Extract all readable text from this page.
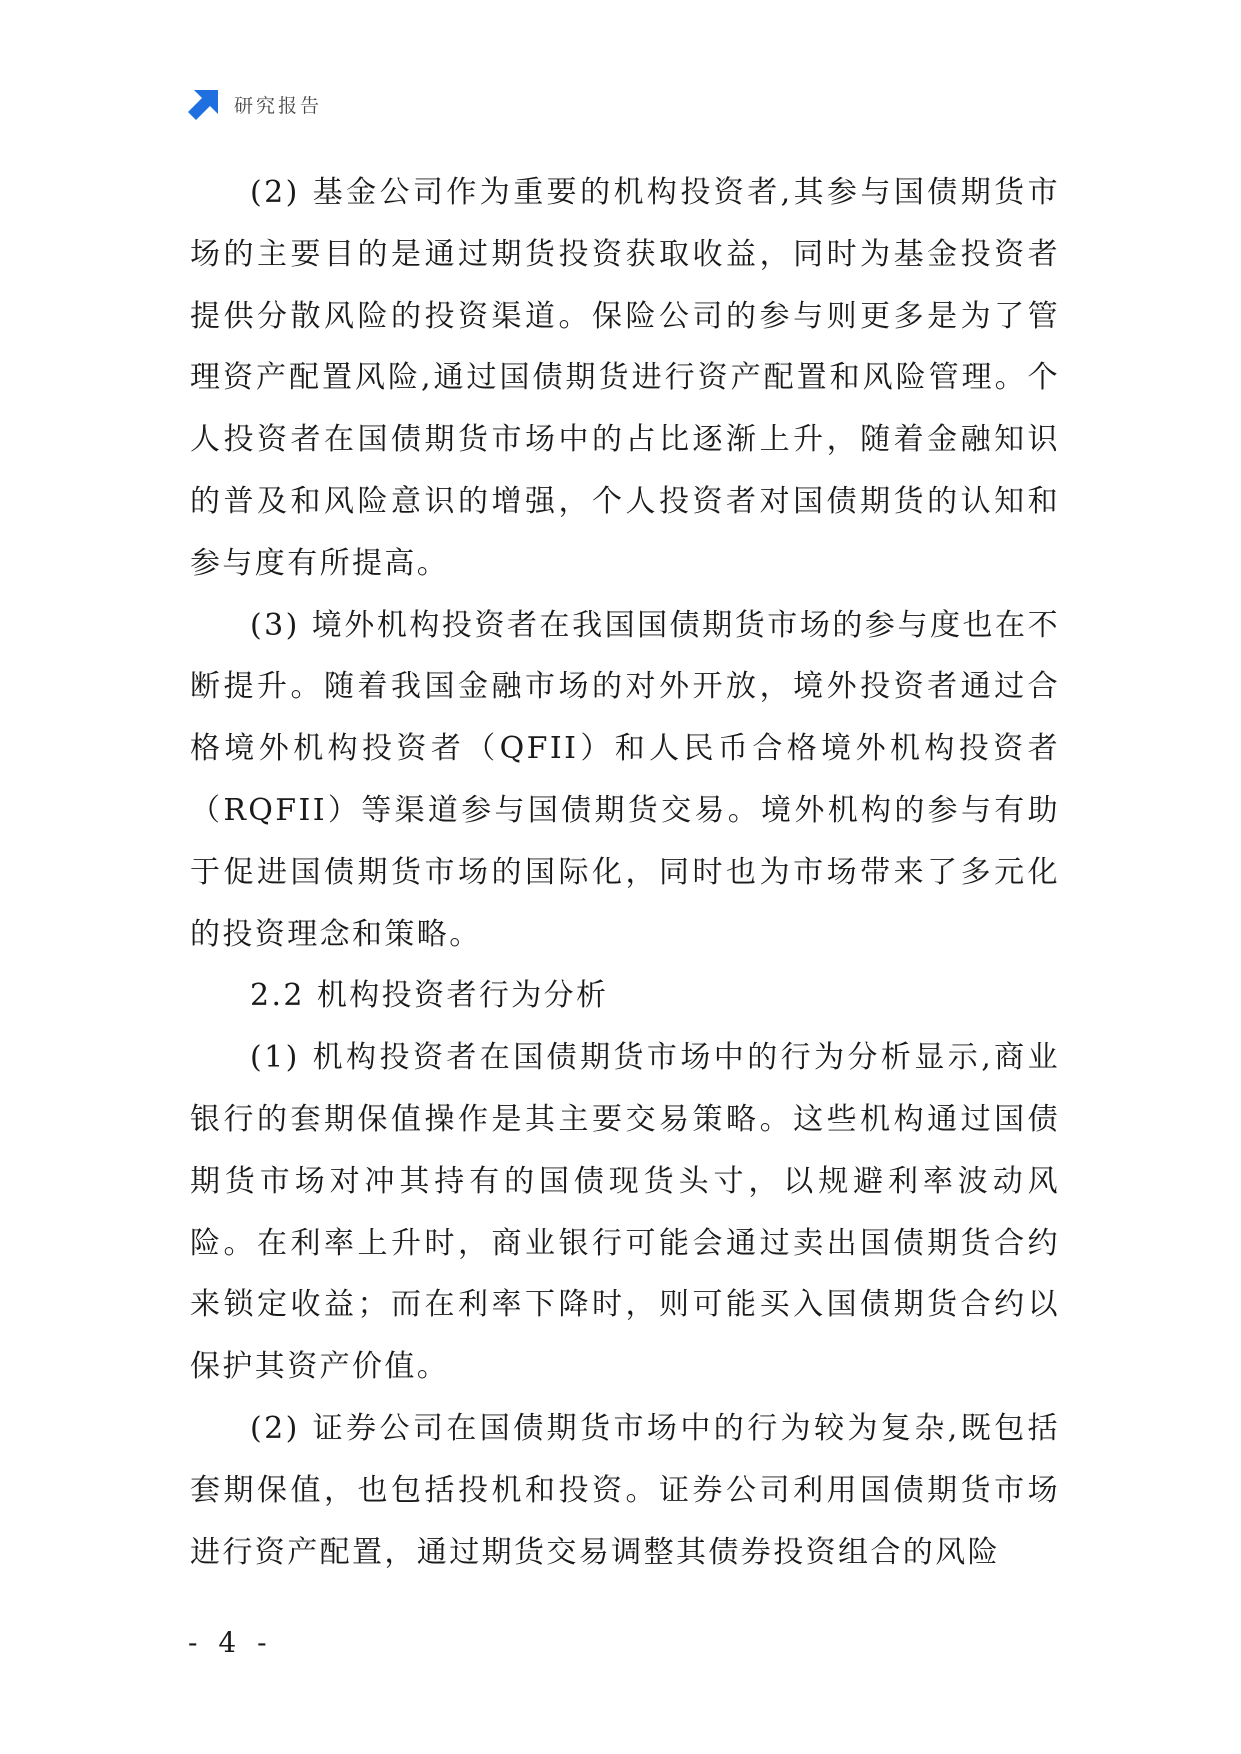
研究报告

(2) 基金公司作为重要的机构投资者,其参与国债期货市场的主要目的是通过期货投资获取收益，同时为基金投资者提供分散风险的投资渠道。保险公司的参与则更多是为了管理资产配置风险,通过国债期货进行资产配置和风险管理。个人投资者在国债期货市场中的占比逐渐上升，随着金融知识的普及和风险意识的增强，个人投资者对国债期货的认知和参与度有所提高。

(3) 境外机构投资者在我国国债期货市场的参与度也在不断提升。随着我国金融市场的对外开放，境外投资者通过合格境外机构投资者（QFII）和人民币合格境外机构投资者（RQFII）等渠道参与国债期货交易。境外机构的参与有助于促进国债期货市场的国际化，同时也为市场带来了多元化的投资理念和策略。

2.2 机构投资者行为分析

(1) 机构投资者在国债期货市场中的行为分析显示,商业银行的套期保值操作是其主要交易策略。这些机构通过国债期货市场对冲其持有的国债现货头寸，以规避利率波动风险。在利率上升时，商业银行可能会通过卖出国债期货合约来锁定收益；而在利率下降时，则可能买入国债期货合约以保护其资产价值。

(2) 证券公司在国债期货市场中的行为较为复杂,既包括套期保值，也包括投机和投资。证券公司利用国债期货市场进行资产配置，通过期货交易调整其债券投资组合的风险

- 4 -
